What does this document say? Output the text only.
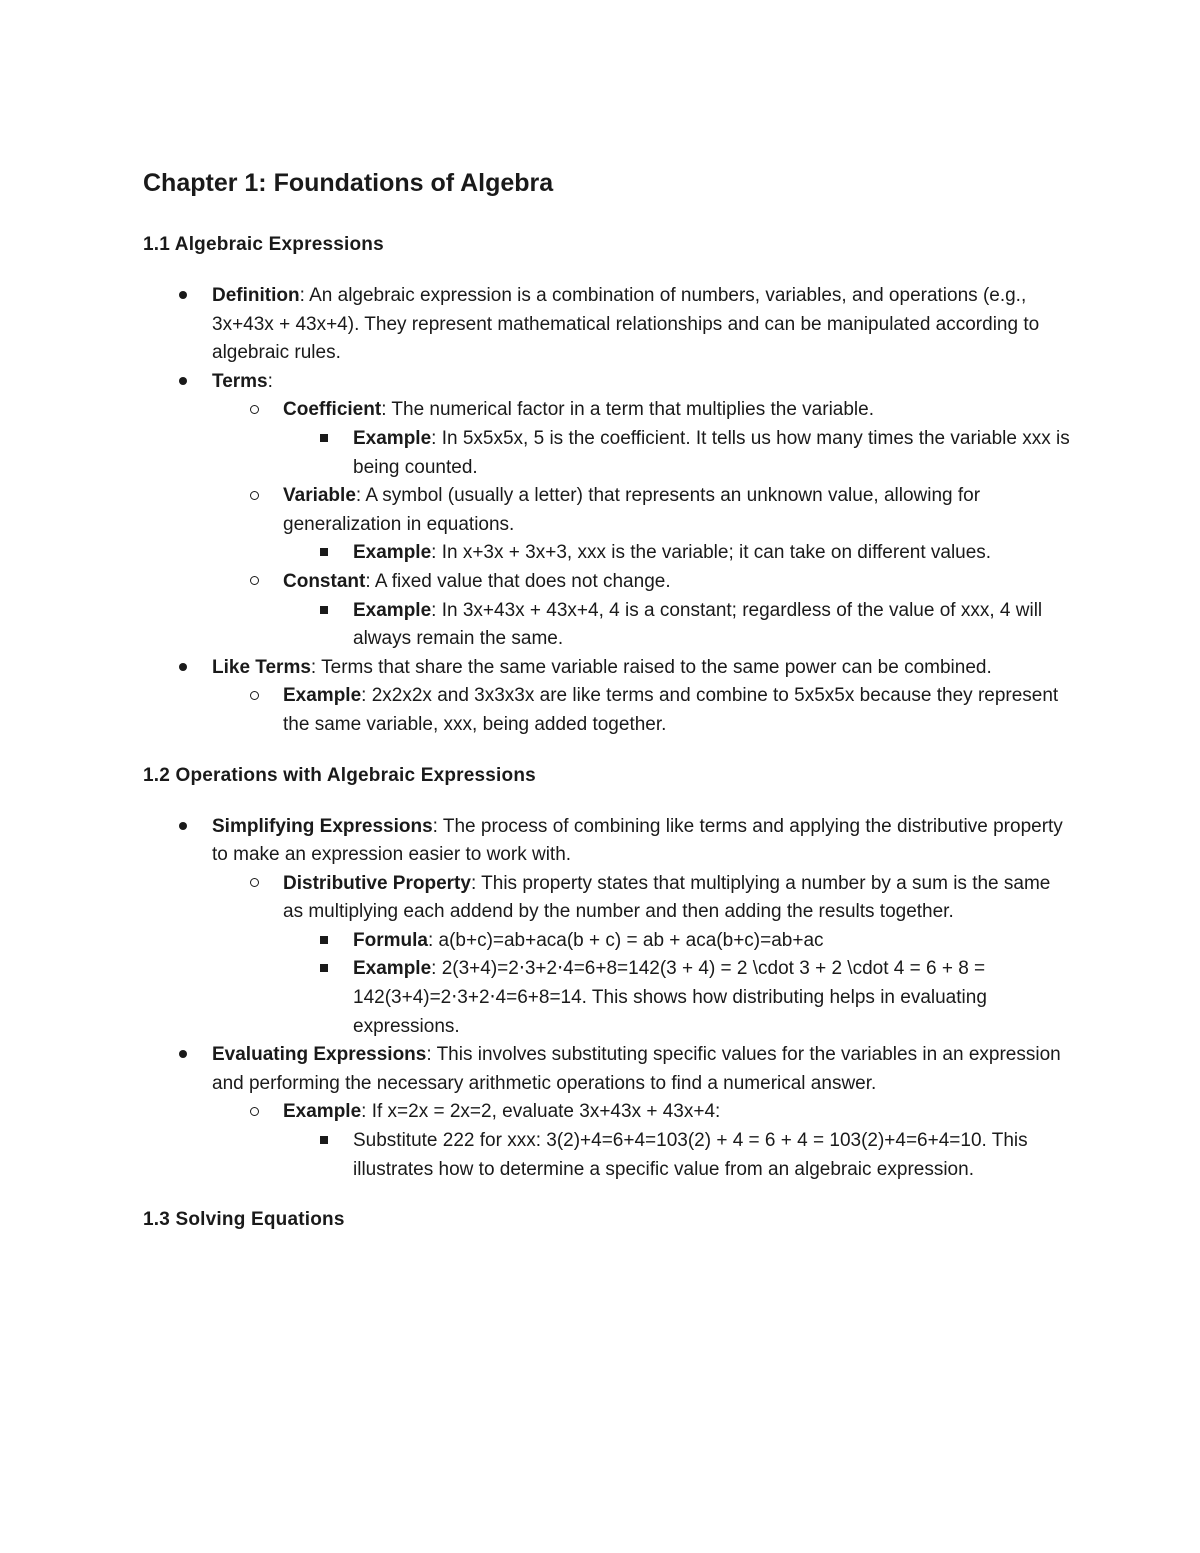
Chapter 1: Foundations of Algebra
1.1 Algebraic Expressions
Definition: An algebraic expression is a combination of numbers, variables, and operations (e.g., 3x+43x + 43x+4). They represent mathematical relationships and can be manipulated according to algebraic rules.
Terms:
Coefficient: The numerical factor in a term that multiplies the variable.
Example: In 5x5x5x, 5 is the coefficient. It tells us how many times the variable xxx is being counted.
Variable: A symbol (usually a letter) that represents an unknown value, allowing for generalization in equations.
Example: In x+3x + 3x+3, xxx is the variable; it can take on different values.
Constant: A fixed value that does not change.
Example: In 3x+43x + 43x+4, 4 is a constant; regardless of the value of xxx, 4 will always remain the same.
Like Terms: Terms that share the same variable raised to the same power can be combined.
Example: 2x2x2x and 3x3x3x are like terms and combine to 5x5x5x because they represent the same variable, xxx, being added together.
1.2 Operations with Algebraic Expressions
Simplifying Expressions: The process of combining like terms and applying the distributive property to make an expression easier to work with.
Distributive Property: This property states that multiplying a number by a sum is the same as multiplying each addend by the number and then adding the results together.
Formula: a(b+c)=ab+aca(b + c) = ab + aca(b+c)=ab+ac
Example: 2(3+4)=2⋅3+2⋅4=6+8=142(3 + 4) = 2 \cdot 3 + 2 \cdot 4 = 6 + 8 = 142(3+4)=2⋅3+2⋅4=6+8=14. This shows how distributing helps in evaluating expressions.
Evaluating Expressions: This involves substituting specific values for the variables in an expression and performing the necessary arithmetic operations to find a numerical answer.
Example: If x=2x = 2x=2, evaluate 3x+43x + 43x+4:
Substitute 222 for xxx: 3(2)+4=6+4=103(2) + 4 = 6 + 4 = 103(2)+4=6+4=10. This illustrates how to determine a specific value from an algebraic expression.
1.3 Solving Equations
